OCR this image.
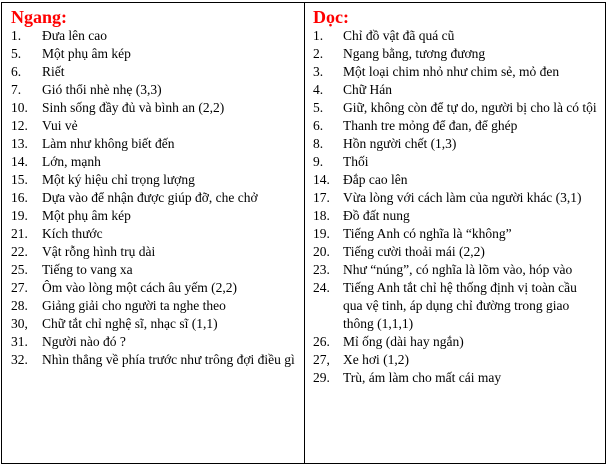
Ngang:
1.	Đưa lên cao
5.	Một phụ âm kép
6.	Riết
7.	Gió thổi nhè nhẹ (3,3)
10.	Sinh sống đầy đủ và bình an (2,2)
12.	Vui vẻ
13.	Làm như không biết đến
14.	Lớn, mạnh
15.	Một ký hiệu chỉ trọng lượng
16.	Dựa vào để nhận được giúp đỡ, che chở
19.	Một phụ âm kép
21.	Kích thước
22.	Vật rỗng hình trụ dài
25.	Tiếng to vang xa
27.	Ôm vào lòng một cách âu yếm (2,2)
28.	Giảng giải cho người ta nghe theo
30,	Chữ tắt chỉ nghệ sĩ, nhạc sĩ (1,1)
31.	Người nào đó ?
32.	Nhìn thẳng về phía trước như trông đợi điều gì
Dọc:
1.	Chỉ đồ vật đã quá cũ
2.	Ngang bằng, tương đương
3.	Một loại chim nhỏ như chim sẻ, mỏ đen
4.	Chữ Hán
5.	Giữ, không còn để tự do, người bị cho là có tội
6.	Thanh tre mỏng để đan, để ghép
8.	Hồn người chết (1,3)
9.	Thối
14. Đắp cao lên
17. Vừa lòng với cách làm của người khác (3,1)
18. Đồ đất nung
19. Tiếng Anh có nghĩa là “không”
20. Tiếng cười thoải mái (2,2)
23. Như “núng”, có nghĩa là lõm vào, hóp vào
24. Tiếng Anh tắt chỉ hệ thống định vị toàn cầu qua vệ tinh, áp dụng chỉ đường trong giao thông (1,1,1)
26. Mỉ ống (dài hay ngắn)
27, Xe hơi (1,2)
29. Trù, ám làm cho mất cái may
